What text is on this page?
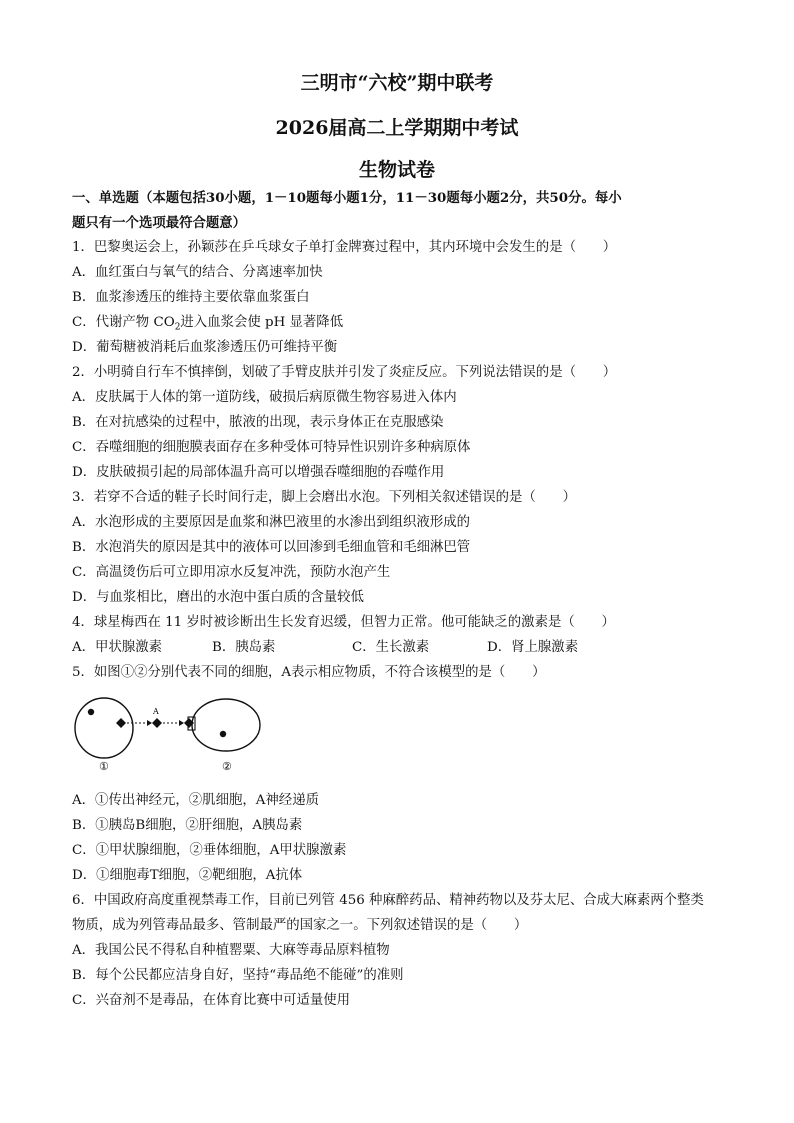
三明市“六校”期中联考
2026届高二上学期期中考试
生物试卷
一、单选题（本题包括30小题，1－10题每小题1分，11－30题每小题2分，共50分。每小
题只有一个选项最符合题意）
1．巴黎奥运会上，孙颖莎在乒乓球女子单打金牌赛过程中，其内环境中会发生的是（　　）
A．血红蛋白与氧气的结合、分离速率加快
B．血浆渗透压的维持主要依靠血浆蛋白
C．代谢产物 $CO_2$进入血浆会使 pH 显著降低
D．葡萄糖被消耗后血浆渗透压仍可维持平衡
2．小明骑自行车不慎摔倒，划破了手臂皮肤并引发了炎症反应。下列说法错误的是（　　）
A．皮肤属于人体的第一道防线，破损后病原微生物容易进入体内
B．在对抗感染的过程中，脓液的出现，表示身体正在克服感染
C．吞噬细胞的细胞膜表面存在多种受体可特异性识别许多种病原体
D．皮肤破损引起的局部体温升高可以增强吞噬细胞的吞噬作用
3．若穿不合适的鞋子长时间行走，脚上会磨出水泡。下列相关叙述错误的是（　　）
A．水泡形成的主要原因是血浆和淋巴液里的水渗出到组织液形成的
B．水泡消失的原因是其中的液体可以回渗到毛细血管和毛细淋巴管
C．高温烫伤后可立即用凉水反复冲洗，预防水泡产生
D．与血浆相比，磨出的水泡中蛋白质的含量较低
4．球星梅西在 11 岁时被诊断出生长发育迟缓，但智力正常。他可能缺乏的激素是（　　）
A．甲状腺激素	B．胰岛素	C．生长激素	D．肾上腺激素
5．如图①②分别代表不同的细胞，A表示相应物质，不符合该模型的是（　　）
A
①	②
A．①传出神经元，②肌细胞，A神经递质
B．①胰岛B细胞，②肝细胞，A胰岛素
C．①甲状腺细胞，②垂体细胞，A甲状腺激素
D．①细胞毒T细胞，②靶细胞，A抗体
6．中国政府高度重视禁毒工作，目前已列管 456 种麻醉药品、精神药物以及芬太尼、合成大麻素两个整类
物质，成为列管毒品最多、管制最严的国家之一。下列叙述错误的是（　　）
A．我国公民不得私自种植罂粟、大麻等毒品原料植物
B．每个公民都应洁身自好，坚持“毒品绝不能碰”的准则
C．兴奋剂不是毒品，在体育比赛中可适量使用
